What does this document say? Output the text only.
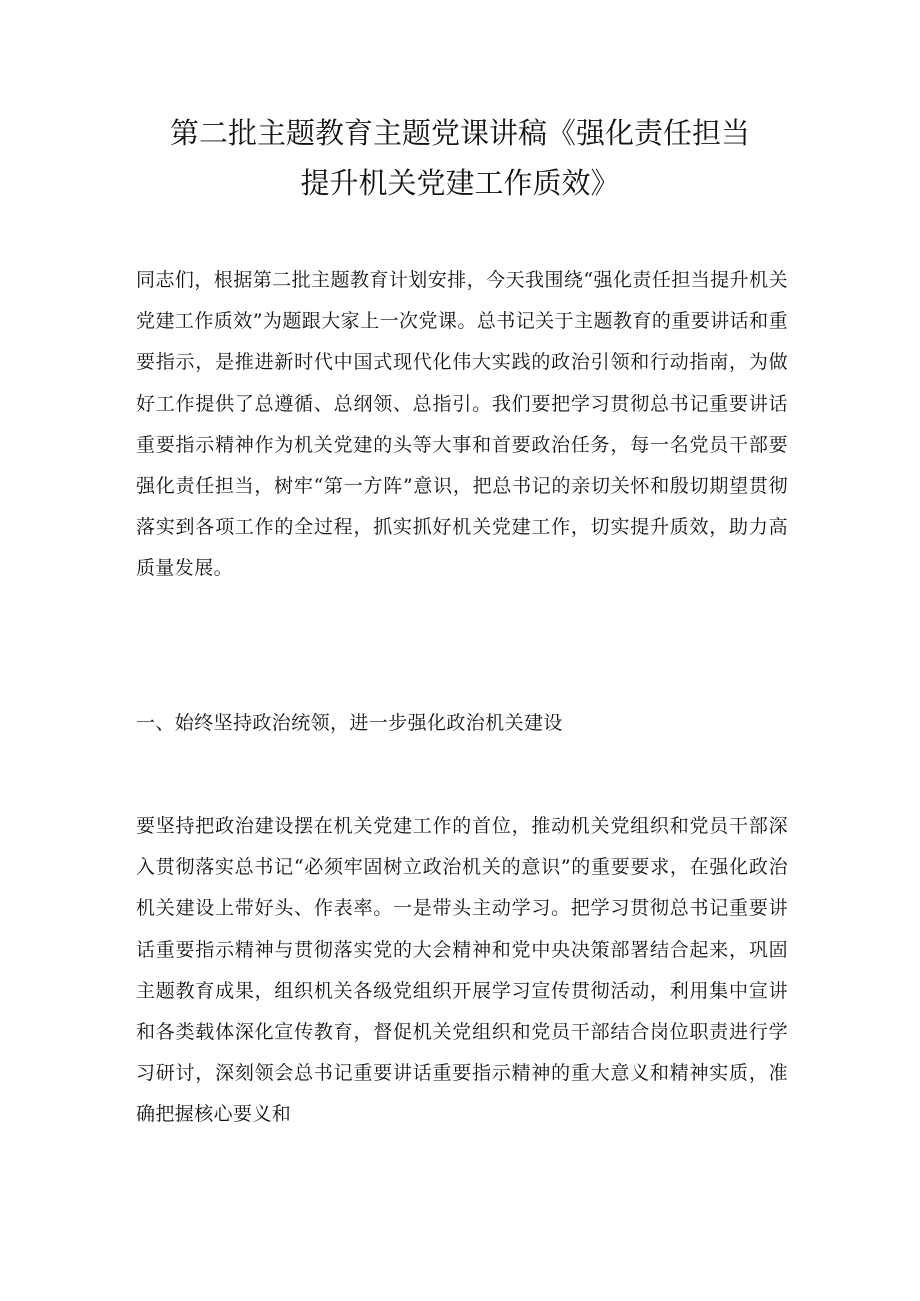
第二批主题教育主题党课讲稿《强化责任担当
提升机关党建工作质效》

同志们，根据第二批主题教育计划安排，今天我围绕“强化责任担当提升机关党建工作质效”为题跟大家上一次党课。总书记关于主题教育的重要讲话和重要指示，是推进新时代中国式现代化伟大实践的政治引领和行动指南，为做好工作提供了总遵循、总纲领、总指引。我们要把学习贯彻总书记重要讲话重要指示精神作为机关党建的头等大事和首要政治任务，每一名党员干部要强化责任担当，树牢“第一方阵”意识，把总书记的亲切关怀和殷切期望贯彻落实到各项工作的全过程，抓实抓好机关党建工作，切实提升质效，助力高质量发展。

一、始终坚持政治统领，进一步强化政治机关建设

要坚持把政治建设摆在机关党建工作的首位，推动机关党组织和党员干部深入贯彻落实总书记“必须牢固树立政治机关的意识”的重要要求，在强化政治机关建设上带好头、作表率。一是带头主动学习。把学习贯彻总书记重要讲话重要指示精神与贯彻落实党的大会精神和党中央决策部署结合起来，巩固主题教育成果，组织机关各级党组织开展学习宣传贯彻活动，利用集中宣讲和各类载体深化宣传教育，督促机关党组织和党员干部结合岗位职责进行学习研讨，深刻领会总书记重要讲话重要指示精神的重大意义和精神实质，准确把握核心要义和
